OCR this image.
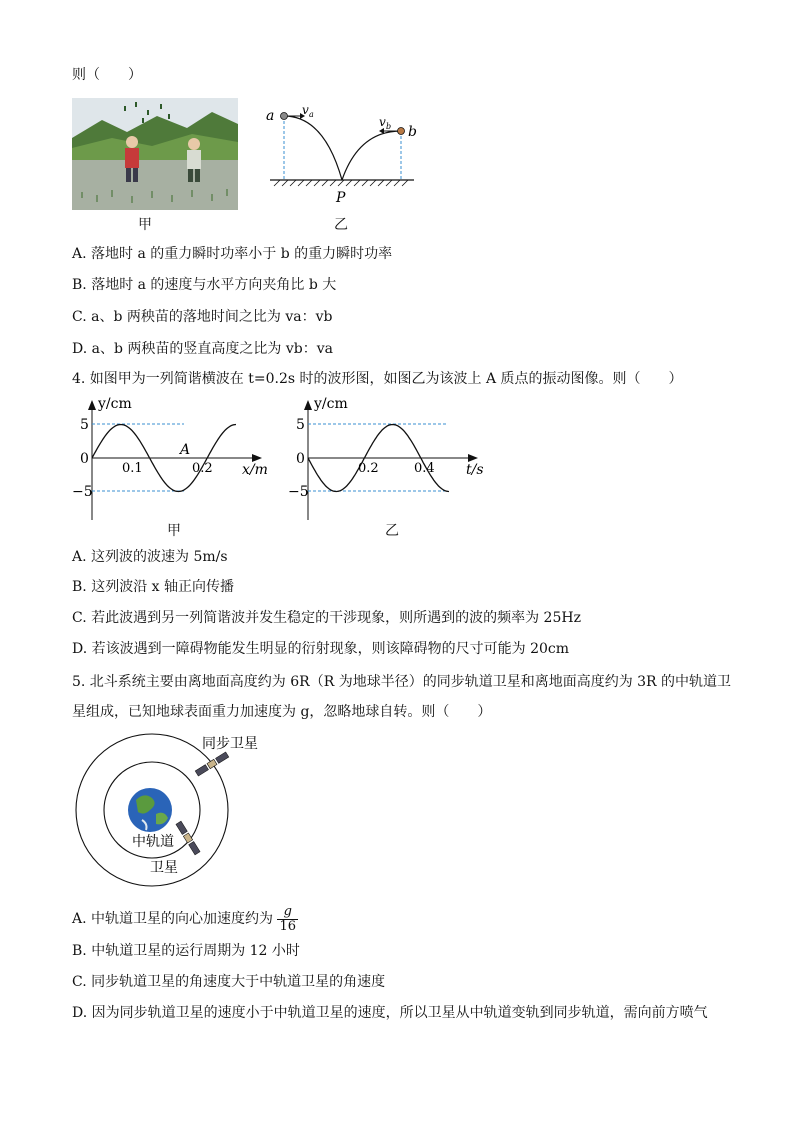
则（　　）
甲
a v a
v b b
P
乙
A. 落地时 a 的重力瞬时功率小于 b 的重力瞬时功率
B. 落地时 a 的速度与水平方向夹角比 b 大
C. a、b 两秧苗的落地时间之比为 va：vb
D. a、b 两秧苗的竖直高度之比为 vb：va
4. 如图甲为一列简谐横波在 t=0.2s 时的波形图，如图乙为该波上 A 质点的振动图像。则（　　）
y/cm
5
0
−5
0.1	0.2
A
x/m
甲
y/cm
5
0
−5
0.2	0.4 t/s
乙
A. 这列波的波速为 5m/s
B. 这列波沿 x 轴正向传播
C. 若此波遇到另一列简谐波并发生稳定的干涉现象，则所遇到的波的频率为 25Hz
D. 若该波遇到一障碍物能发生明显的衍射现象，则该障碍物的尺寸可能为 20cm
5. 北斗系统主要由离地面高度约为 6R（R 为地球半径）的同步轨道卫星和离地面高度约为 3R 的中轨道卫
星组成，已知地球表面重力加速度为 g，忽略地球自转。则（　　）
同步卫星
中轨道
卫星
A. 中轨道卫星的向心加速度约为 $\frac{g}{16}$
B. 中轨道卫星的运行周期为 12 小时
C. 同步轨道卫星的角速度大于中轨道卫星的角速度
D. 因为同步轨道卫星的速度小于中轨道卫星的速度，所以卫星从中轨道变轨到同步轨道，需向前方喷气
